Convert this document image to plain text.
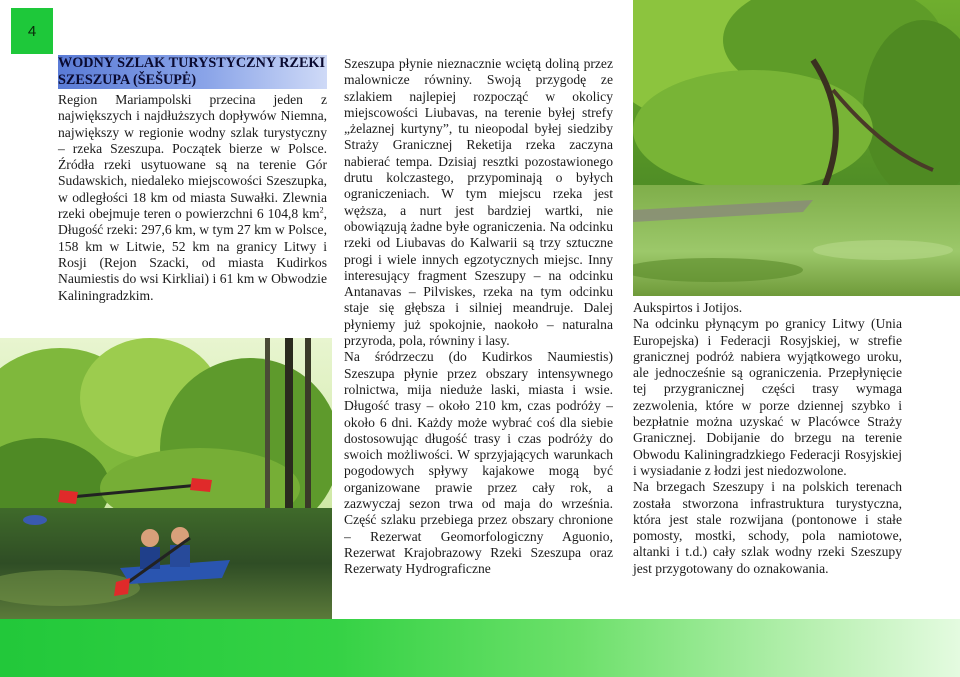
4
WODNY SZLAK TURYSTYCZNY RZEKI SZESZUPA (ŠEŠUPĖ)

Region Mariampolski przecina jeden z największych i najdłuższych dopływów Niemna, największy w regionie wodny szlak turystyczny – rzeka Szeszupa. Początek bierze w Polsce. Źródła rzeki usytuowane są na terenie Gór Sudawskich, niedaleko miejscowości Szeszupka, w odległości 18 km od miasta Suwałki. Zlewnia rzeki obejmuje teren o powierzchni 6 104,8 $km^2$, Długość rzeki: 297,6 km, w tym 27 km w Polsce, 158 km w Litwie, 52 km na granicy Litwy i Rosji (Rejon Szacki, od miasta Kudirkos Naumiestis do wsi Kirkliai) i 61 km w Obwodzie Kaliningradzkim.

Szeszupa płynie nieznacznie wciętą doliną przez malownicze równiny. Swoją przygodę ze szlakiem najlepiej rozpocząć w okolicy miejscowości Liubavas, na terenie byłej strefy „żelaznej kurtyny”, tu nieopodal byłej siedziby Straży Granicznej Reketija rzeka zaczyna nabierać tempa. Dzisiaj resztki pozostawionego drutu kolczastego, przypominają o byłych ograniczeniach. W tym miejscu rzeka jest węższa, a nurt jest bardziej wartki, nie obowiązują żadne byłe ograniczenia. Na odcinku rzeki od Liubavas do Kalwarii są trzy sztuczne progi i wiele innych egzotycznych miejsc. Inny interesujący fragment Szeszupy – na odcinku Antanavas – Pilviskes, rzeka na tym odcinku staje się głębsza i silniej meandruje. Dalej płyniemy już spokojnie, naokoło – naturalna przyroda, pola, równiny i lasy.

Na śródrzeczu (do Kudirkos Naumiestis) Szeszupa płynie przez obszary intensywnego rolnictwa, mija nieduże laski, miasta i wsie. Długość trasy – około 210 km, czas podróży – około 6 dni. Każdy może wybrać coś dla siebie dostosowując długość trasy i czas podróży do swoich możliwości. W sprzyjających warunkach pogodowych spływy kajakowe mogą być organizowane prawie przez cały rok, a zazwyczaj sezon trwa od maja do września. Część szlaku przebiega przez obszary chronione – Rezerwat Geomorfologiczny Aguonio, Rezerwat Krajobrazowy Rzeki Szeszupa oraz Rezerwaty Hydrograficzne

Aukspirtos i Jotijos.

Na odcinku płynącym po granicy Litwy (Unia Europejska) i Federacji Rosyjskiej, w strefie granicznej podróż nabiera wyjątkowego uroku, ale jednocześnie są ograniczenia. Przepłynięcie tej przygranicznej części trasy wymaga zezwolenia, które w porze dziennej szybko i bezpłatnie można uzyskać w Placówce Straży Granicznej. Dobijanie do brzegu na terenie Obwodu Kaliningradzkiego Federacji Rosyjskiej i wysiadanie z łodzi jest niedozwolone.

Na brzegach Szeszupy i na polskich terenach została stworzona infrastruktura turystyczna, która jest stale rozwijana (pontonowe i stałe pomosty, mostki, schody, pola namiotowe, altanki i t.d.) cały szlak wodny rzeki Szeszupy jest przygotowany do oznakowania.
